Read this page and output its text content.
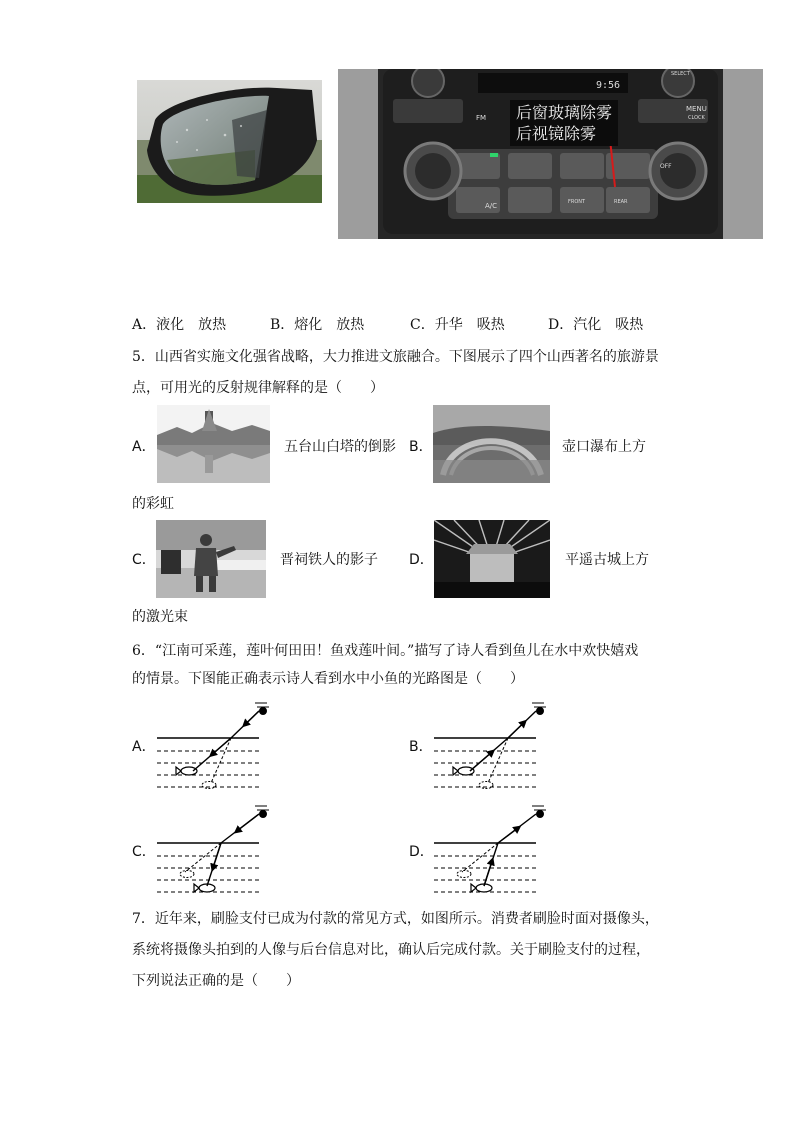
9:56
FM
MENU
CLOCK
SELECT
A/C	FRONT	REAR
OFF
后窗玻璃除雾
后视镜除雾
A．液化　放热	B．熔化　放热	C．升华　吸热	D．汽化　吸热
5．山西省实施文化强省战略，大力推进文旅融合。下图展示了四个山西著名的旅游景
点，可用光的反射规律解释的是（　　）
A．	五台山白塔的倒影 B．	壶口瀑布上方
的彩虹
C．	晋祠铁人的影子 D．	平遥古城上方
的激光束
6．“江南可采莲，莲叶何田田！鱼戏莲叶间。”描写了诗人看到鱼儿在水中欢快嬉戏
的情景。下图能正确表示诗人看到水中小鱼的光路图是（　　）
A．	B．
C．	D．
7．近年来，刷脸支付已成为付款的常见方式，如图所示。消费者刷脸时面对摄像头，
系统将摄像头拍到的人像与后台信息对比，确认后完成付款。关于刷脸支付的过程，
下列说法正确的是（　　）
